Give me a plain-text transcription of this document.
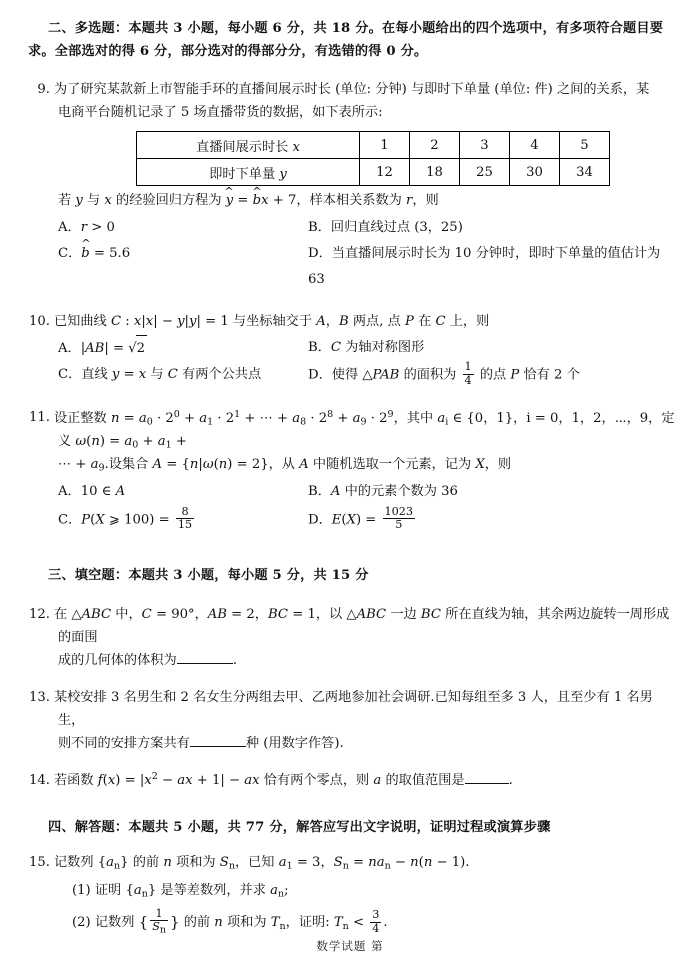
二、多选题：本题共 3 小题，每小题 6 分，共 18 分。在每小题给出的四个选项中，有多项符合题目要求。全部选对的得 6 分，部分选对的得部分分，有选错的得 0 分。
9. 为了研究某款新上市智能手环的直播间展示时长 (单位: 分钟) 与即时下单量 (单位: 件) 之间的关系，某
电商平台随机记录了 5 场直播带货的数据，如下表所示:
直播间展示时长 x	1	2	3	4	5
即时下单量 y	12	18	25	30	34
若 y 与 x 的经验回归方程为 ^ y = ^ bx + 7，样本相关系数为 r，则
A．r > 0	B．回归直线过点 (3，25)
C．^ b = 5.6	D．当直播间展示时长为 10 分钟时，即时下单量的值估计为 63
10. 已知曲线 C : x|x| − y|y| = 1 与坐标轴交于 A，B 两点, 点 P 在 C 上，则
A．|AB| = √2	B．C 为轴对称图形
C．直线 y = x 与 C 有两个公共点	D．使得 △PAB 的面积为 $\frac{1}{4}$ 的点 P 恰有 2 个
11. 设正整数 $n = a_0 \cdot 2^0 + a_1 \cdot 2^1$ + ⋯ + $a_8 \cdot 2^8 + a_9 \cdot 2^9$，其中 $a_i$ ∈ {0，1}，i = 0，1，2，⋯，9，定义 $\omega(n) = a_0 + a_1$ +
⋯ + $a_9$.设集合 A = {n|ω(n) = 2}，从 A 中随机选取一个元素，记为 X，则
A．10 ∈ A	B．A 中的元素个数为 36
C．P(X ⩾ $100) = \frac{8}{15}$	D．$E(X) = \frac{1023}{5}$
三、填空题：本题共 3 小题，每小题 5 分，共 15 分
12. 在 △ABC 中，C = 90°，AB = 2，BC = 1，以 △ABC 一边 BC 所在直线为轴，其余两边旋转一周形成的面围
成的几何体的体积为	.
13. 某校安排 3 名男生和 2 名女生分两组去甲、乙两地参加社会调研.已知每组至多 3 人，且至少有 1 名男生，
则不同的安排方案共有	种 (用数字作答).
14. 若函数 $f(x) = |x^2$ − ax + 1| − ax 恰有两个零点，则 a 的取值范围是	.
四、解答题：本题共 5 小题，共 77 分，解答应写出文字说明，证明过程或演算步骤
15. 记数列 $\{a_n\}$ 的前 n 项和为 $S_n$，已知 $a_1 = 3$，$S_n = na_n - n(n - 1)$.
(1) 证明 $\{a_n\}$ 是等差数列，并求 $a_n$;
(2) 记数列 { $\frac{1}{S_n}$ } 的前 n 项和为 $T_n$，证明: $T_n < \frac{3}{4}$ .
数学试题 第
